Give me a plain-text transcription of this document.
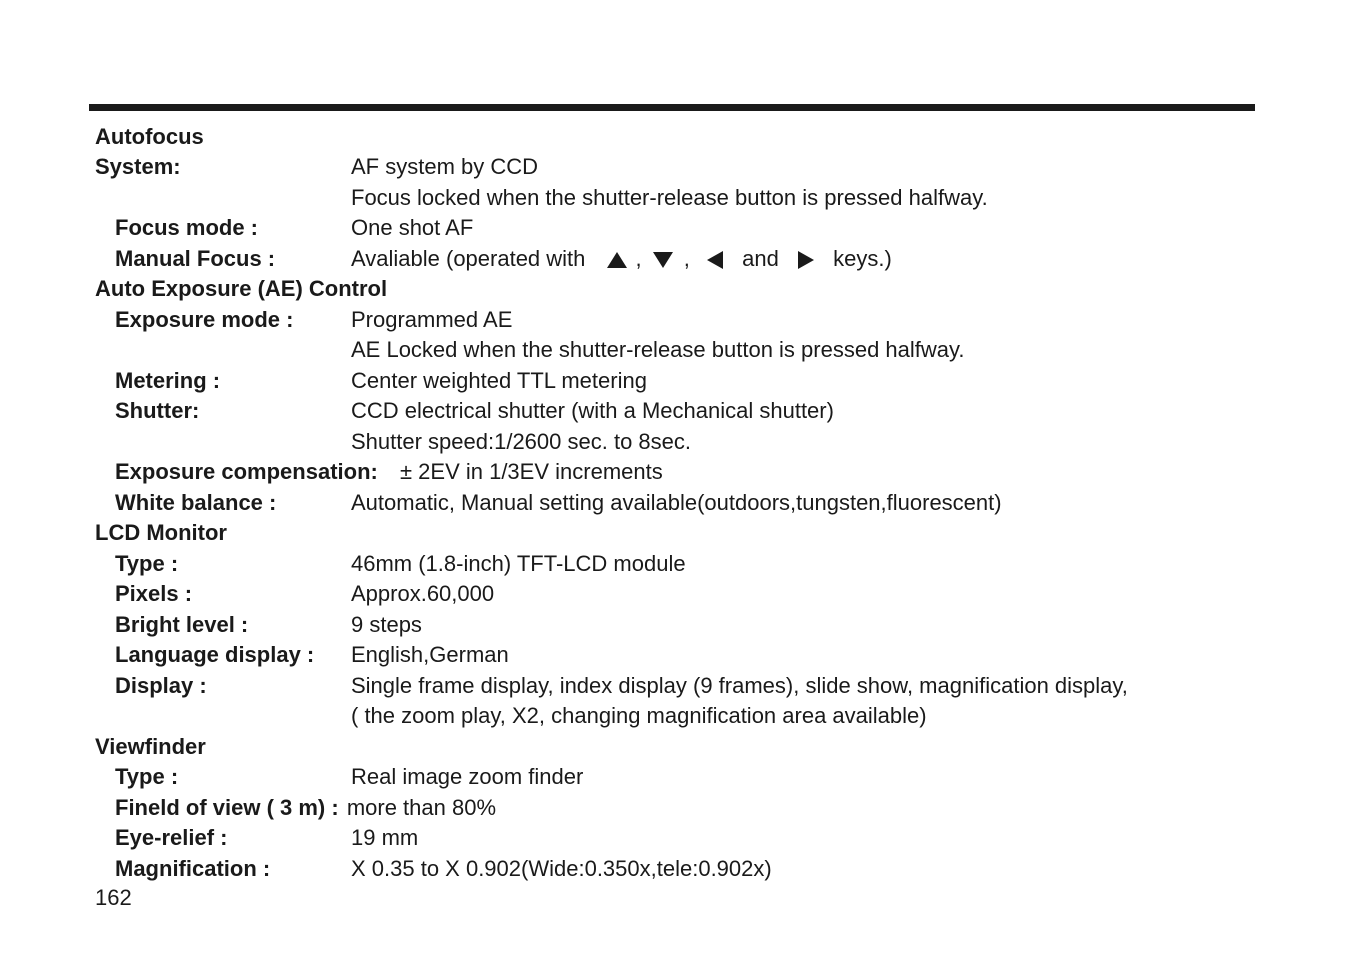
Autofocus
System:	AF system by CCD
Focus locked when the shutter-release button is pressed halfway.
Focus mode :	One shot AF
Manual Focus :	Avaliable (operated with , , and keys.)
Auto Exposure (AE) Control
Exposure mode :	Programmed AE
AE Locked when the shutter-release button is pressed halfway.
Metering :	Center weighted TTL metering
Shutter:	CCD electrical shutter (with a Mechanical shutter)
Shutter speed:1/2600 sec. to 8sec.
Exposure compensation: ± 2EV in 1/3EV increments
White balance :	Automatic, Manual setting available(outdoors,tungsten,fluorescent)
LCD Monitor
Type :	46mm (1.8-inch) TFT-LCD module
Pixels :	Approx.60,000
Bright level :	9 steps
Language display : English,German
Display :	Single frame display, index display (9 frames), slide show, magnification display,
( the zoom play, X2, changing magnification area available)
Viewfinder
Type :	Real image zoom finder
Fineld of view ( 3 m) : more than 80%
Eye-relief :	19 mm
Magnification :	X 0.35 to X 0.902(Wide:0.350x,tele:0.902x)
162
